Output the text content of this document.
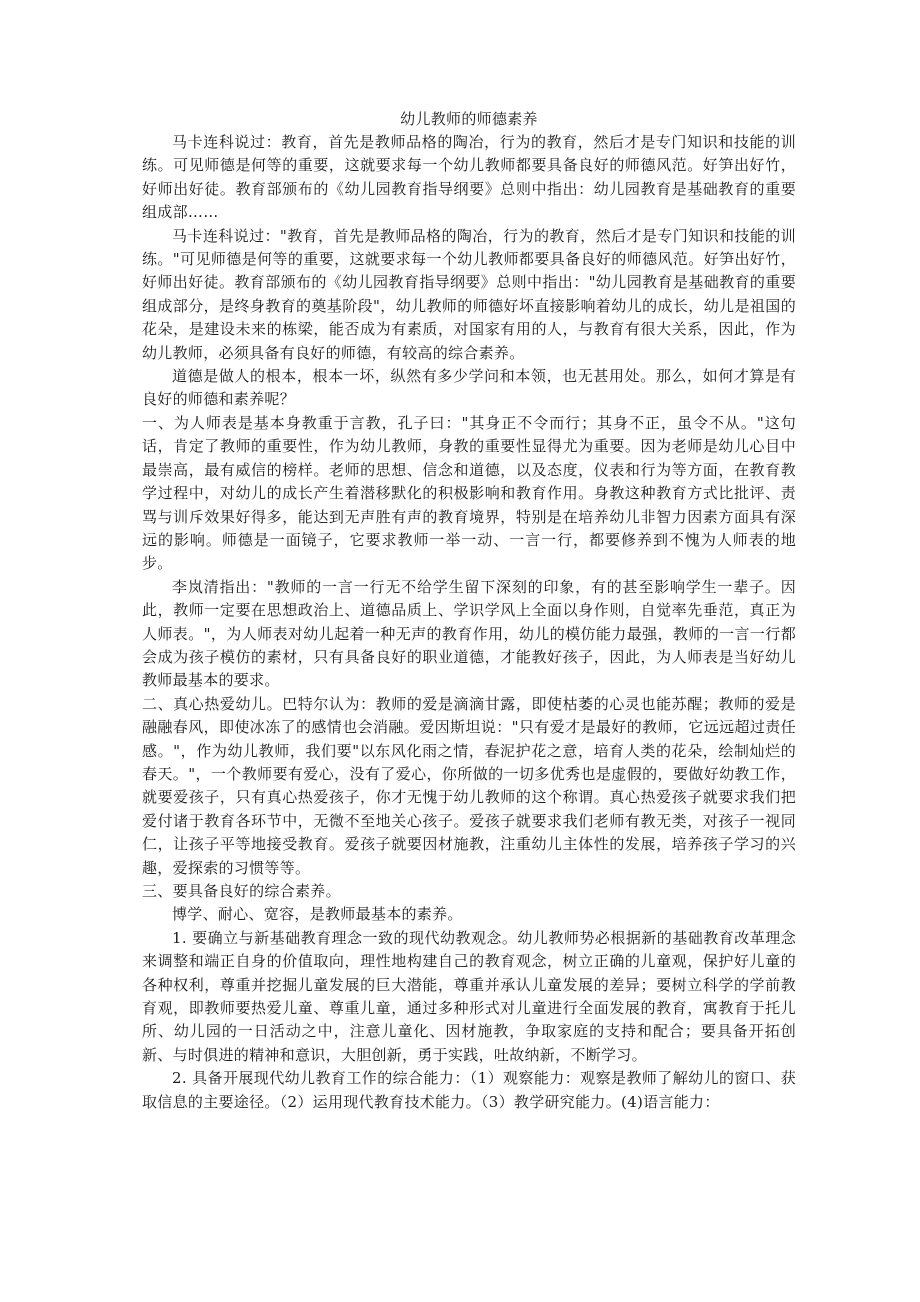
幼儿教师的师德素养

马卡连科说过：教育，首先是教师品格的陶冶，行为的教育，然后才是专门知识和技能的训练。可见师德是何等的重要，这就要求每一个幼儿教师都要具备良好的师德风范。好笋出好竹，好师出好徒。教育部颁布的《幼儿园教育指导纲要》总则中指出：幼儿园教育是基础教育的重要组成部……

马卡连科说过："教育，首先是教师品格的陶冶，行为的教育，然后才是专门知识和技能的训练。"可见师德是何等的重要，这就要求每一个幼儿教师都要具备良好的师德风范。好笋出好竹，好师出好徒。教育部颁布的《幼儿园教育指导纲要》总则中指出："幼儿园教育是基础教育的重要组成部分，是终身教育的奠基阶段"，幼儿教师的师德好坏直接影响着幼儿的成长，幼儿是祖国的花朵，是建设未来的栋梁，能否成为有素质，对国家有用的人，与教育有很大关系，因此，作为幼儿教师，必须具备有良好的师德，有较高的综合素养。

道德是做人的根本，根本一坏，纵然有多少学问和本领，也无甚用处。那么，如何才算是有良好的师德和素养呢？

一、为人师表是基本身教重于言教，孔子曰："其身正不令而行；其身不正，虽令不从。"这句话，肯定了教师的重要性，作为幼儿教师，身教的重要性显得尤为重要。因为老师是幼儿心目中最崇高，最有威信的榜样。老师的思想、信念和道德，以及态度，仪表和行为等方面，在教育教学过程中，对幼儿的成长产生着潜移默化的积极影响和教育作用。身教这种教育方式比批评、责骂与训斥效果好得多，能达到无声胜有声的教育境界，特别是在培养幼儿非智力因素方面具有深远的影响。师德是一面镜子，它要求教师一举一动、一言一行，都要修养到不愧为人师表的地步。

李岚清指出："教师的一言一行无不给学生留下深刻的印象，有的甚至影响学生一辈子。因此，教师一定要在思想政治上、道德品质上、学识学风上全面以身作则，自觉率先垂范，真正为人师表。"，为人师表对幼儿起着一种无声的教育作用，幼儿的模仿能力最强，教师的一言一行都会成为孩子模仿的素材，只有具备良好的职业道德，才能教好孩子，因此，为人师表是当好幼儿教师最基本的要求。

二、真心热爱幼儿。巴特尔认为：教师的爱是滴滴甘露，即使枯萎的心灵也能苏醒；教师的爱是融融春风，即使冰冻了的感情也会消融。爱因斯坦说："只有爱才是最好的教师，它远远超过责任感。"，作为幼儿教师，我们要"以东风化雨之情，春泥护花之意，培育人类的花朵，绘制灿烂的春天。"，一个教师要有爱心，没有了爱心，你所做的一切多优秀也是虚假的，要做好幼教工作，就要爱孩子，只有真心热爱孩子，你才无愧于幼儿教师的这个称谓。真心热爱孩子就要求我们把爱付诸于教育各环节中，无微不至地关心孩子。爱孩子就要求我们老师有教无类，对孩子一视同仁，让孩子平等地接受教育。爱孩子就要因材施教，注重幼儿主体性的发展，培养孩子学习的兴趣，爱探索的习惯等等。

三、要具备良好的综合素养。

博学、耐心、宽容，是教师最基本的素养。

1. 要确立与新基础教育理念一致的现代幼教观念。幼儿教师势必根据新的基础教育改革理念来调整和端正自身的价值取向，理性地构建自己的教育观念，树立正确的儿童观，保护好儿童的各种权利，尊重并挖掘儿童发展的巨大潜能，尊重并承认儿童发展的差异；要树立科学的学前教育观，即教师要热爱儿童、尊重儿童，通过多种形式对儿童进行全面发展的教育，寓教育于托儿所、幼儿园的一日活动之中，注意儿童化、因材施教，争取家庭的支持和配合；要具备开拓创新、与时俱进的精神和意识，大胆创新，勇于实践，吐故纳新，不断学习。

2. 具备开展现代幼儿教育工作的综合能力：（1）观察能力：观察是教师了解幼儿的窗口、获取信息的主要途径。（2）运用现代教育技术能力。（3）教学研究能力。(4)语言能力：
